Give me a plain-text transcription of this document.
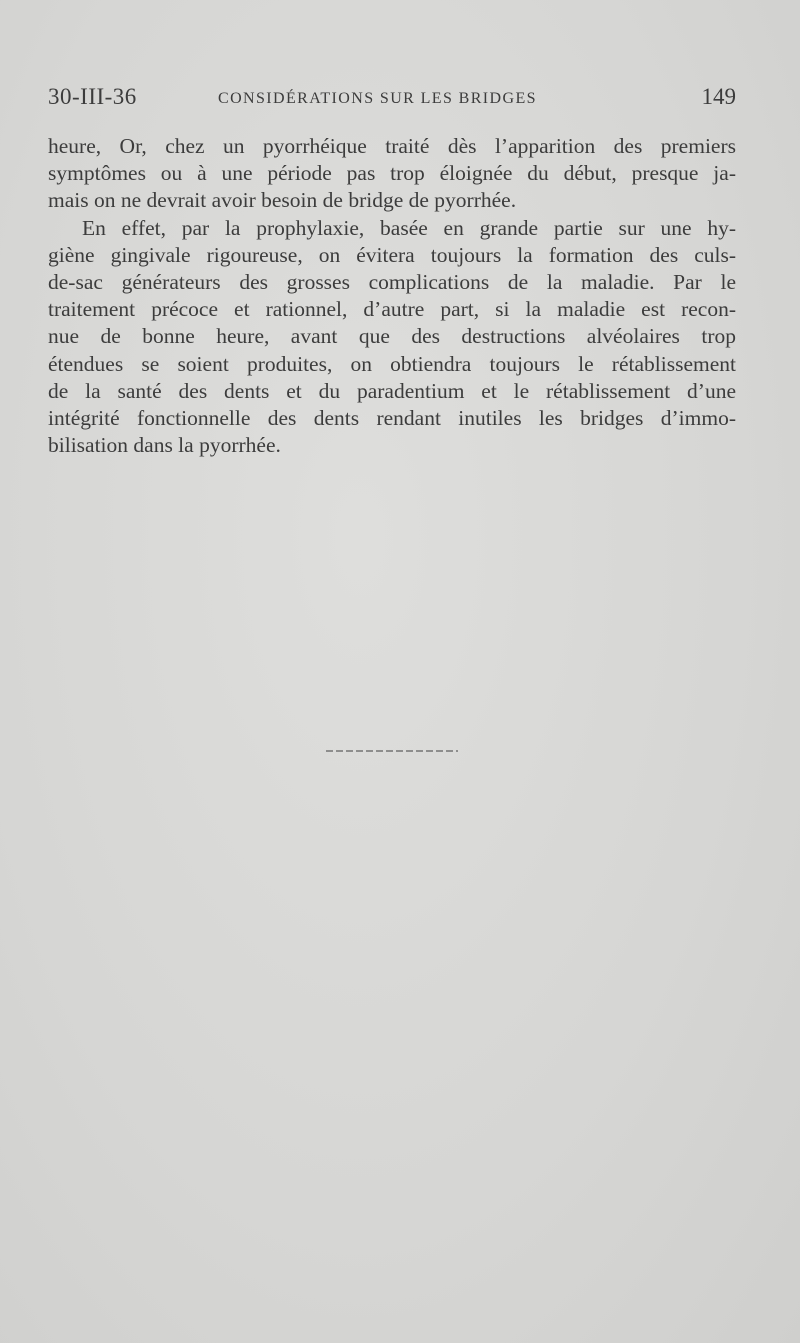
30-III-36	CONSIDÉRATIONS SUR LES BRIDGES	149
heure, Or, chez un pyorrhéique traité dès l’apparition des premiers
symptômes ou à une période pas trop éloignée du début, presque ja-
mais on ne devrait avoir besoin de bridge de pyorrhée.
En effet, par la prophylaxie, basée en grande partie sur une hy-
giène gingivale rigoureuse, on évitera toujours la formation des culs-
de-sac générateurs des grosses complications de la maladie. Par le
traitement précoce et rationnel, d’autre part, si la maladie est recon-
nue de bonne heure, avant que des destructions alvéolaires trop
étendues se soient produites, on obtiendra toujours le rétablissement
de la santé des dents et du paradentium et le rétablissement d’une
intégrité fonctionnelle des dents rendant inutiles les bridges d’immo-
bilisation dans la pyorrhée.
